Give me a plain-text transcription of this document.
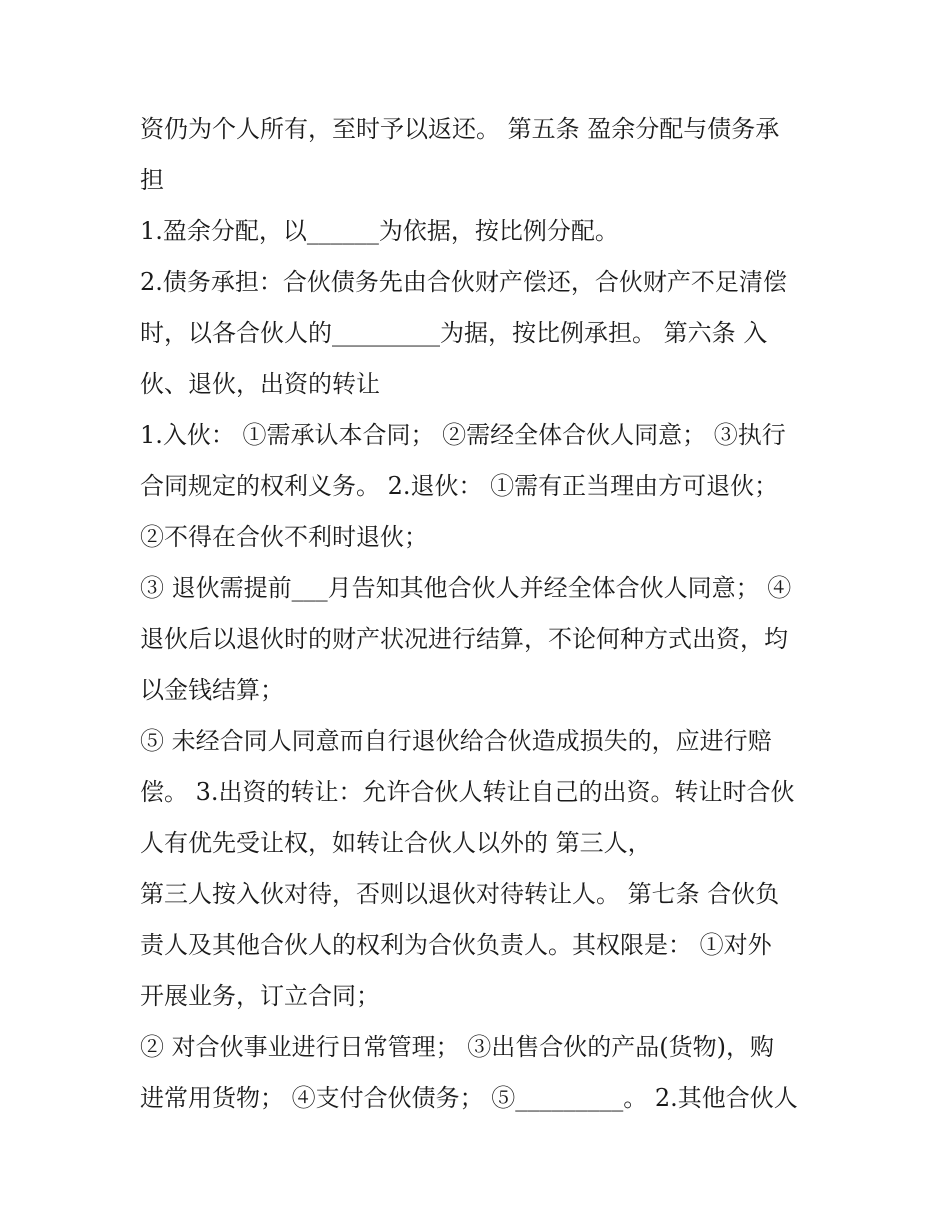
资仍为个人所有，至时予以返还。 第五条 盈余分配与债务承
担
1.盈余分配，以______为依据，按比例分配。
2.债务承担：合伙债务先由合伙财产偿还，合伙财产不足清偿
时，以各合伙人的_________为据，按比例承担。 第六条 入
伙、退伙，出资的转让
1.入伙： ①需承认本合同； ②需经全体合伙人同意； ③执行
合同规定的权利义务。 2.退伙： ①需有正当理由方可退伙；
②不得在合伙不利时退伙；
③ 退伙需提前___月告知其他合伙人并经全体合伙人同意； ④
退伙后以退伙时的财产状况进行结算，不论何种方式出资，均
以金钱结算；
⑤ 未经合同人同意而自行退伙给合伙造成损失的，应进行赔
偿。 3.出资的转让：允许合伙人转让自己的出资。转让时合伙
人有优先受让权，如转让合伙人以外的 第三人，
第三人按入伙对待，否则以退伙对待转让人。 第七条 合伙负
责人及其他合伙人的权利为合伙负责人。其权限是： ①对外
开展业务，订立合同；
② 对合伙事业进行日常管理； ③出售合伙的产品(货物)，购
进常用货物； ④支付合伙债务； ⑤_________。 2.其他合伙人
